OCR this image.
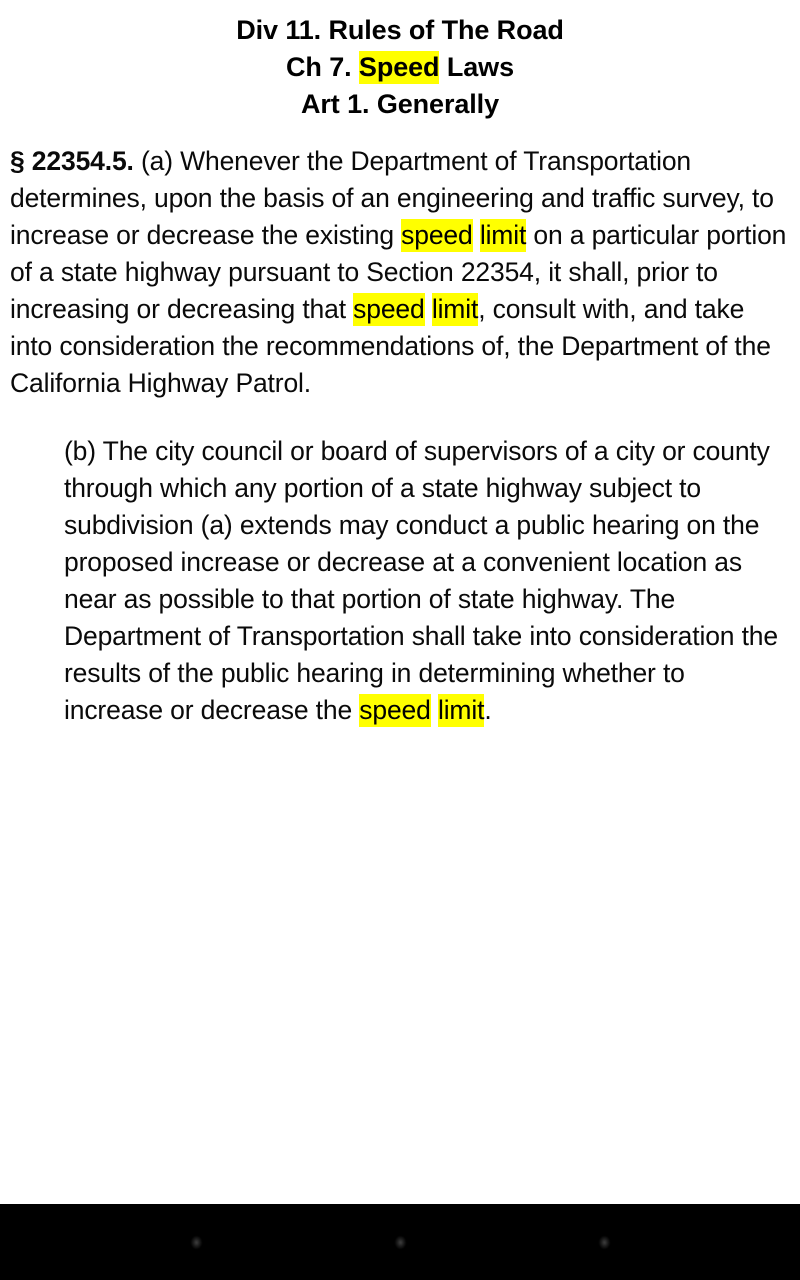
Div 11. Rules of The Road
Ch 7. Speed Laws
Art 1. Generally

§ 22354.5. (a) Whenever the Department of Transportation determines, upon the basis of an engineering and traffic survey, to increase or decrease the existing speed limit on a particular portion of a state highway pursuant to Section 22354, it shall, prior to increasing or decreasing that speed limit, consult with, and take into consideration the recommendations of, the Department of the California Highway Patrol.

(b) The city council or board of supervisors of a city or county through which any portion of a state highway subject to subdivision (a) extends may conduct a public hearing on the proposed increase or decrease at a convenient location as near as possible to that portion of state highway. The Department of Transportation shall take into consideration the results of the public hearing in determining whether to increase or decrease the speed limit.
